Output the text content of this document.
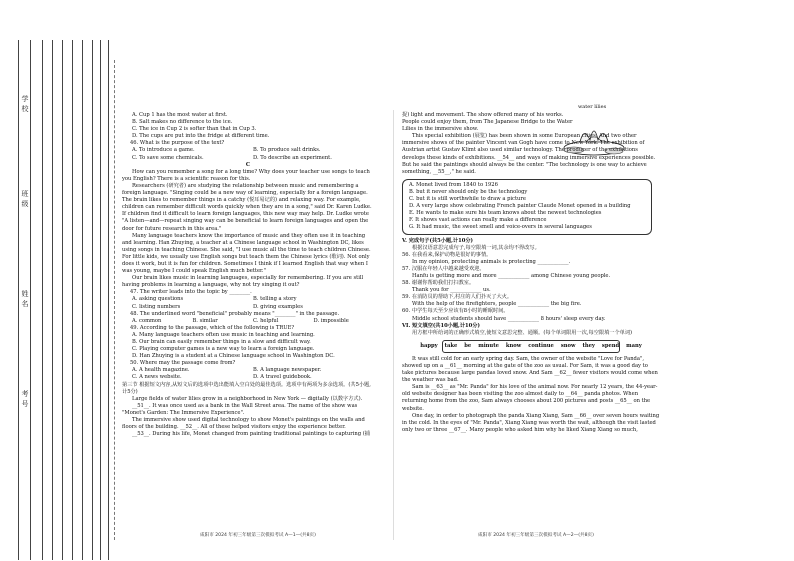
学校
班级
姓名
考号

A. Cup 1 has the most water at first.

B. Salt makes no difference to the ice.

C. The ice in Cup 2 is softer than that in Cup 3.

D. The cups are put into the fridge at different time.

46. What is the purpose of the text?

A. To introduce a game.	B. To produce salt drinks.

C. To save some chemicals.	D. To describe an experiment.

C

How can you remember a song for a long time? Why does your teacher use songs to teach you English? There is a scientific reason for this.

Researchers (研究者) are studying the relationship between music and remembering a foreign language. "Singing could be a new way of learning, especially for a foreign language. The brain likes to remember things in a catchy (悦耳易记的) and relaxing way. For example, children can remember difficult words quickly when they are in a song," said Dr. Karen Ludke. If children find it difficult to learn foreign languages, this new way may help. Dr. Ludke wrote "A listen—and—repeat singing way can be beneficial to learn foreign languages and open the door for future research in this area."

Many language teachers know the importance of music and they often use it in teaching and learning. Han Zhuying, a teacher at a Chinese language school in Washington DC, likes using songs in teaching Chinese. She said, "I use music all the time to teach children Chinese. For little kids, we usually use English songs but teach them the Chinese lyrics (歌词). Not only does it work, but it is fun for children. Sometimes I think if I learned English that way when I was young, maybe I could speak English much better."

Our brain likes music in learning languages, especially for remembering. If you are still having problems in learning a language, why not try singing it out?

47. The writer leads into the topic by ________.

A. asking questions	B. telling a story

C. listing numbers	D. giving examples

48. The underlined word "beneficial" probably means "________" in the passage.

A. common	B. similar	C. helpful	D. impossible

49. According to the passage, which of the following is TRUE?

A. Many language teachers often use music in teaching and learning.

B. Our brain can easily remember things in a slow and difficult way.

C. Playing computer games is a new way to learn a foreign language.

D. Han Zhuying is a student at a Chinese language school in Washington DC.

50. Where may the passage come from?

A. A health magazine.	B. A language newspaper.

C. A news website.	D. A travel guidebook.

第三节 根据短文内容,从短文后的选项中选出能填入空白处的最佳选项。选项中有两项为多余选项。(共5小题,计5分)

Large fields of water lilies grow in a neighborhood in New York — digitally (以数字方式).

__51__. It was once used as a bank in the Wall Street area. The name of the show was "Monet's Garden: The Immersive Experience".

The immersive show used digital technology to show Monet's paintings on the walls and floors of the building. __52__. All of these helped visitors enjoy the experience better.

__53__. During his life, Monet changed from painting traditional paintings to capturing (捕

咸阳市 2024 年初三年级第三次模拟考试 A—1—(共8页)
water lilies

捉) light and movement. The show offered many of his works. People could enjoy them, from The Japanese Bridge to the Water Lilies in the immersive show.

This special exhibition (展览) has been shown in some European cities. And two other immersive shows of the painter Vincent van Gogh have come to New York. The exhibition of Austrian artist Gustav Klimt also used similar technology. The producer of the exhibitions develops these kinds of exhibitions. __54__ and ways of making immersive experiences possible. But he said the paintings should always be the center. "The technology is one way to achieve something, __55__," he said.

A. Monet lived from 1840 to 1926

B. but it never should only be the technology

C. but it is still worthwhile to draw a picture

D. A very large show celebrating French painter Claude Monet opened in a building

E. He wants to make sure his team knows about the newest technologies

F. It shows vast actions can really make a difference

G. It had music, the sweet smell and voice-overs in several languages

V. 完成句子(共5小题,计10分)

根据汉语意思完成句子,每空限填一词,其余均不得改写。

56. 在我看来,保护动物是很好的事情。

In my opinion, protecting animals is protecting ____________.

57. 汉服在年轻人中越来越受欢迎。

Hanfu is getting more and more ____________ among Chinese young people.

58. 谢谢你帮助我们打扫教室。

Thank you for ____________ us.

59. 在消防员的帮助下,村庄的人们扑灭了大火。

With the help of the firefighters, people ____________ the big fire.

60. 中学生每天至少应该有8小时的睡眠时间。

Middle school students should have ____________ 8 hours' sleep every day.

VI. 短文填空(共10小题,计10分)

用方框中所给词的正确形式填空,使短文意思完整、通顺。(每个单词限用一次,每空限填一个单词)

happy take be minute know continue snow they spend many

It was still cold for an early spring day. Sam, the owner of the website "Love for Panda", showed up on a __61__ morning at the gate of the zoo as usual. For Sam, it was a good day to take pictures because large pandas loved snow. And Sam __62__ fewer visitors would come when the weather was bad.

Sam is __63__ as "Mr. Panda" for his love of the animal now. For nearly 12 years, the 44-year-old website designer has been visiting the zoo almost daily to __64__ panda photos. When returning home from the zoo, Sam always chooses about 200 pictures and posts __65__ on the website.

One day, in order to photograph the panda Xiang Xiang, Sam __66__ over seven hours waiting in the cold. In the eyes of "Mr. Panda", Xiang Xiang was worth the wait, although the visit lasted only two or three __67__. Many people who asked him why he liked Xiang Xiang so much,

咸阳市 2024 年初三年级第三次模拟考试 A—2—(共8页)
